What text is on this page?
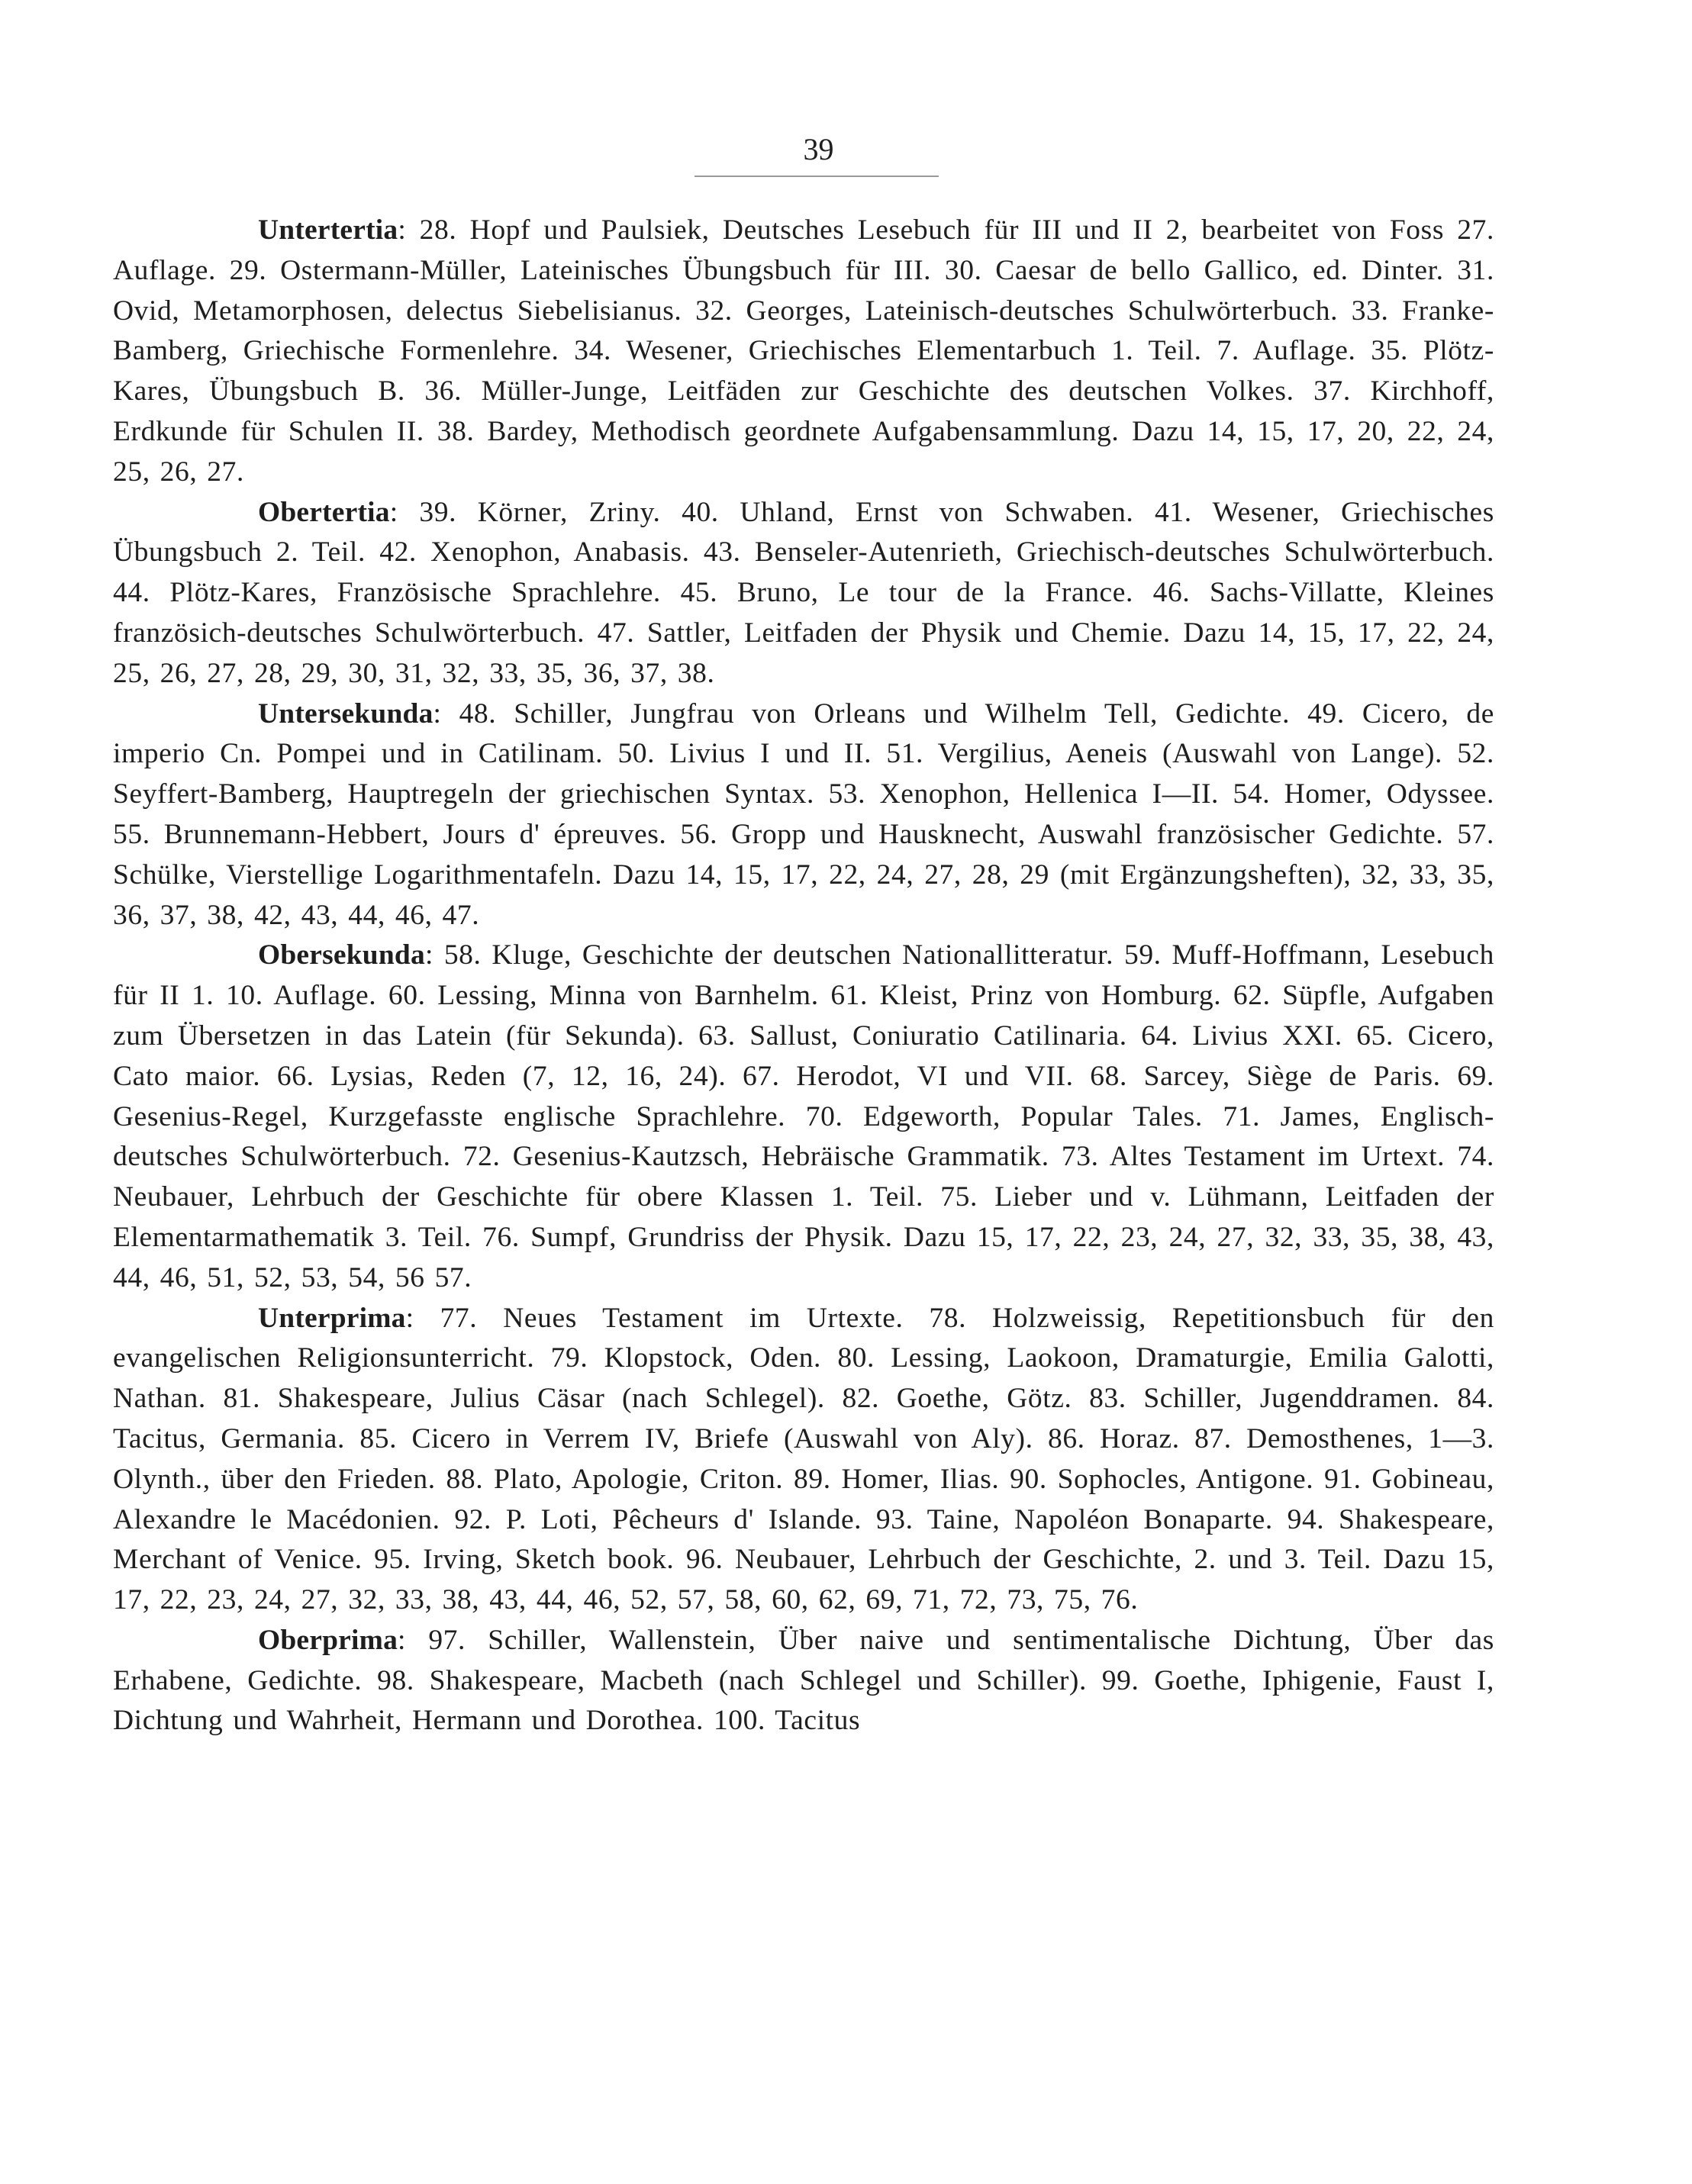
39

Untertertia: 28. Hopf und Paulsiek, Deutsches Lesebuch für III und II 2, bearbeitet von Foss 27. Auflage. 29. Ostermann-Müller, Lateinisches Übungsbuch für III. 30. Caesar de bello Gallico, ed. Dinter. 31. Ovid, Metamorphosen, delectus Siebelisianus. 32. Georges, Lateinisch-deutsches Schulwörterbuch. 33. Franke-Bamberg, Griechische Formenlehre. 34. Wesener, Griechisches Elementarbuch 1. Teil. 7. Auflage. 35. Plötz-Kares, Übungsbuch B. 36. Müller-Junge, Leitfäden zur Geschichte des deutschen Volkes. 37. Kirchhoff, Erdkunde für Schulen II. 38. Bardey, Methodisch geordnete Aufgabensammlung. Dazu 14, 15, 17, 20, 22, 24, 25, 26, 27.

Obertertia: 39. Körner, Zriny. 40. Uhland, Ernst von Schwaben. 41. Wesener, Griechisches Übungsbuch 2. Teil. 42. Xenophon, Anabasis. 43. Benseler-Autenrieth, Griechisch-deutsches Schulwörterbuch. 44. Plötz-Kares, Französische Sprachlehre. 45. Bruno, Le tour de la France. 46. Sachs-Villatte, Kleines französich-deutsches Schulwörterbuch. 47. Sattler, Leitfaden der Physik und Chemie. Dazu 14, 15, 17, 22, 24, 25, 26, 27, 28, 29, 30, 31, 32, 33, 35, 36, 37, 38.

Untersekunda: 48. Schiller, Jungfrau von Orleans und Wilhelm Tell, Gedichte. 49. Cicero, de imperio Cn. Pompei und in Catilinam. 50. Livius I und II. 51. Vergilius, Aeneis (Auswahl von Lange). 52. Seyffert-Bamberg, Hauptregeln der griechischen Syntax. 53. Xenophon, Hellenica I—II. 54. Homer, Odyssee. 55. Brunnemann-Hebbert, Jours d' épreuves. 56. Gropp und Hausknecht, Auswahl französischer Gedichte. 57. Schülke, Vierstellige Logarithmentafeln. Dazu 14, 15, 17, 22, 24, 27, 28, 29 (mit Ergänzungsheften), 32, 33, 35, 36, 37, 38, 42, 43, 44, 46, 47.

Obersekunda: 58. Kluge, Geschichte der deutschen Nationallitteratur. 59. Muff-Hoffmann, Lesebuch für II 1. 10. Auflage. 60. Lessing, Minna von Barnhelm. 61. Kleist, Prinz von Homburg. 62. Süpfle, Aufgaben zum Übersetzen in das Latein (für Sekunda). 63. Sallust, Coniuratio Catilinaria. 64. Livius XXI. 65. Cicero, Cato maior. 66. Lysias, Reden (7, 12, 16, 24). 67. Herodot, VI und VII. 68. Sarcey, Siège de Paris. 69. Gesenius-Regel, Kurzgefasste englische Sprachlehre. 70. Edgeworth, Popular Tales. 71. James, Englisch-deutsches Schulwörterbuch. 72. Gesenius-Kautzsch, Hebräische Grammatik. 73. Altes Testament im Urtext. 74. Neubauer, Lehrbuch der Geschichte für obere Klassen 1. Teil. 75. Lieber und v. Lühmann, Leitfaden der Elementarmathematik 3. Teil. 76. Sumpf, Grundriss der Physik. Dazu 15, 17, 22, 23, 24, 27, 32, 33, 35, 38, 43, 44, 46, 51, 52, 53, 54, 56 57.

Unterprima: 77. Neues Testament im Urtexte. 78. Holzweissig, Repetitionsbuch für den evangelischen Religionsunterricht. 79. Klopstock, Oden. 80. Lessing, Laokoon, Dramaturgie, Emilia Galotti, Nathan. 81. Shakespeare, Julius Cäsar (nach Schlegel). 82. Goethe, Götz. 83. Schiller, Jugenddramen. 84. Tacitus, Germania. 85. Cicero in Verrem IV, Briefe (Auswahl von Aly). 86. Horaz. 87. Demosthenes, 1—3. Olynth., über den Frieden. 88. Plato, Apologie, Criton. 89. Homer, Ilias. 90. Sophocles, Antigone. 91. Gobineau, Alexandre le Macédonien. 92. P. Loti, Pêcheurs d' Islande. 93. Taine, Napoléon Bonaparte. 94. Shakespeare, Merchant of Venice. 95. Irving, Sketch book. 96. Neubauer, Lehrbuch der Geschichte, 2. und 3. Teil. Dazu 15, 17, 22, 23, 24, 27, 32, 33, 38, 43, 44, 46, 52, 57, 58, 60, 62, 69, 71, 72, 73, 75, 76.

Oberprima: 97. Schiller, Wallenstein, Über naive und sentimentalische Dichtung, Über das Erhabene, Gedichte. 98. Shakespeare, Macbeth (nach Schlegel und Schiller). 99. Goethe, Iphigenie, Faust I, Dichtung und Wahrheit, Hermann und Dorothea. 100. Tacitus
